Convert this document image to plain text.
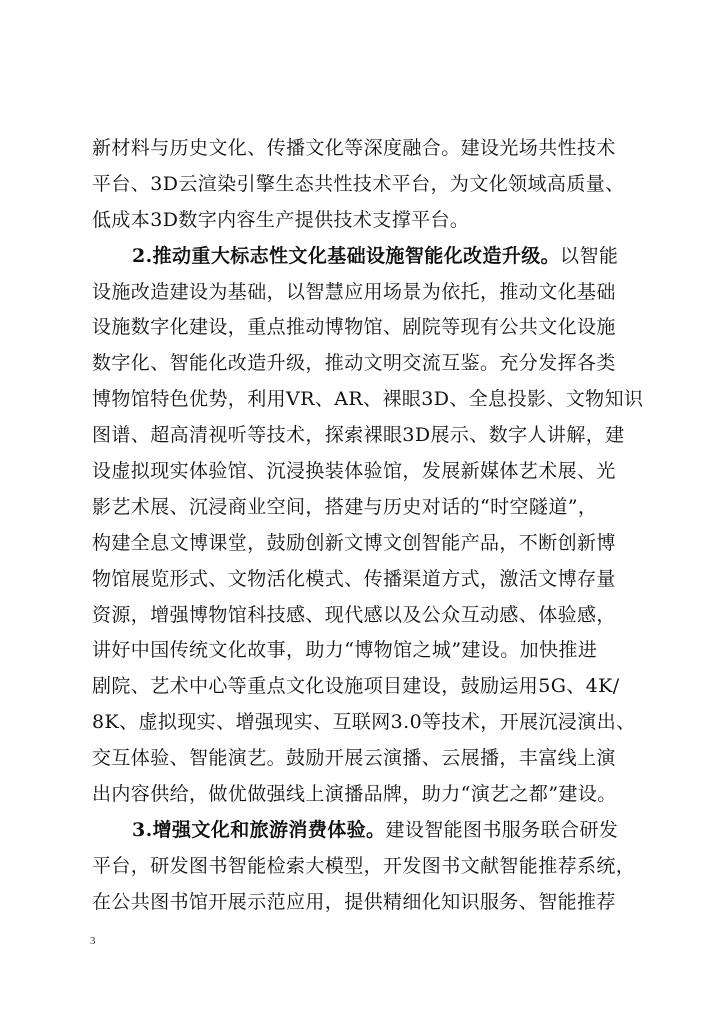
新材料与历史文化、传播文化等深度融合。建设光场共性技术
平台、3D云渲染引擎生态共性技术平台，为文化领域高质量、
低成本3D数字内容生产提供技术支撑平台。
2.推动重大标志性文化基础设施智能化改造升级。以智能
设施改造建设为基础，以智慧应用场景为依托，推动文化基础
设施数字化建设，重点推动博物馆、剧院等现有公共文化设施
数字化、智能化改造升级，推动文明交流互鉴。充分发挥各类
博物馆特色优势，利用VR、AR、裸眼3D、全息投影、文物知识
图谱、超高清视听等技术，探索裸眼3D展示、数字人讲解，建
设虚拟现实体验馆、沉浸换装体验馆，发展新媒体艺术展、光
影艺术展、沉浸商业空间，搭建与历史对话的“时空隧道”，
构建全息文博课堂，鼓励创新文博文创智能产品，不断创新博
物馆展览形式、文物活化模式、传播渠道方式，激活文博存量
资源，增强博物馆科技感、现代感以及公众互动感、体验感，
讲好中国传统文化故事，助力“博物馆之城”建设。加快推进
剧院、艺术中心等重点文化设施项目建设，鼓励运用5G、4K/
8K、虚拟现实、增强现实、互联网3.0等技术，开展沉浸演出、
交互体验、智能演艺。鼓励开展云演播、云展播，丰富线上演
出内容供给，做优做强线上演播品牌，助力“演艺之都”建设。
3.增强文化和旅游消费体验。建设智能图书服务联合研发
平台，研发图书智能检索大模型，开发图书文献智能推荐系统，
在公共图书馆开展示范应用，提供精细化知识服务、智能推荐
3
